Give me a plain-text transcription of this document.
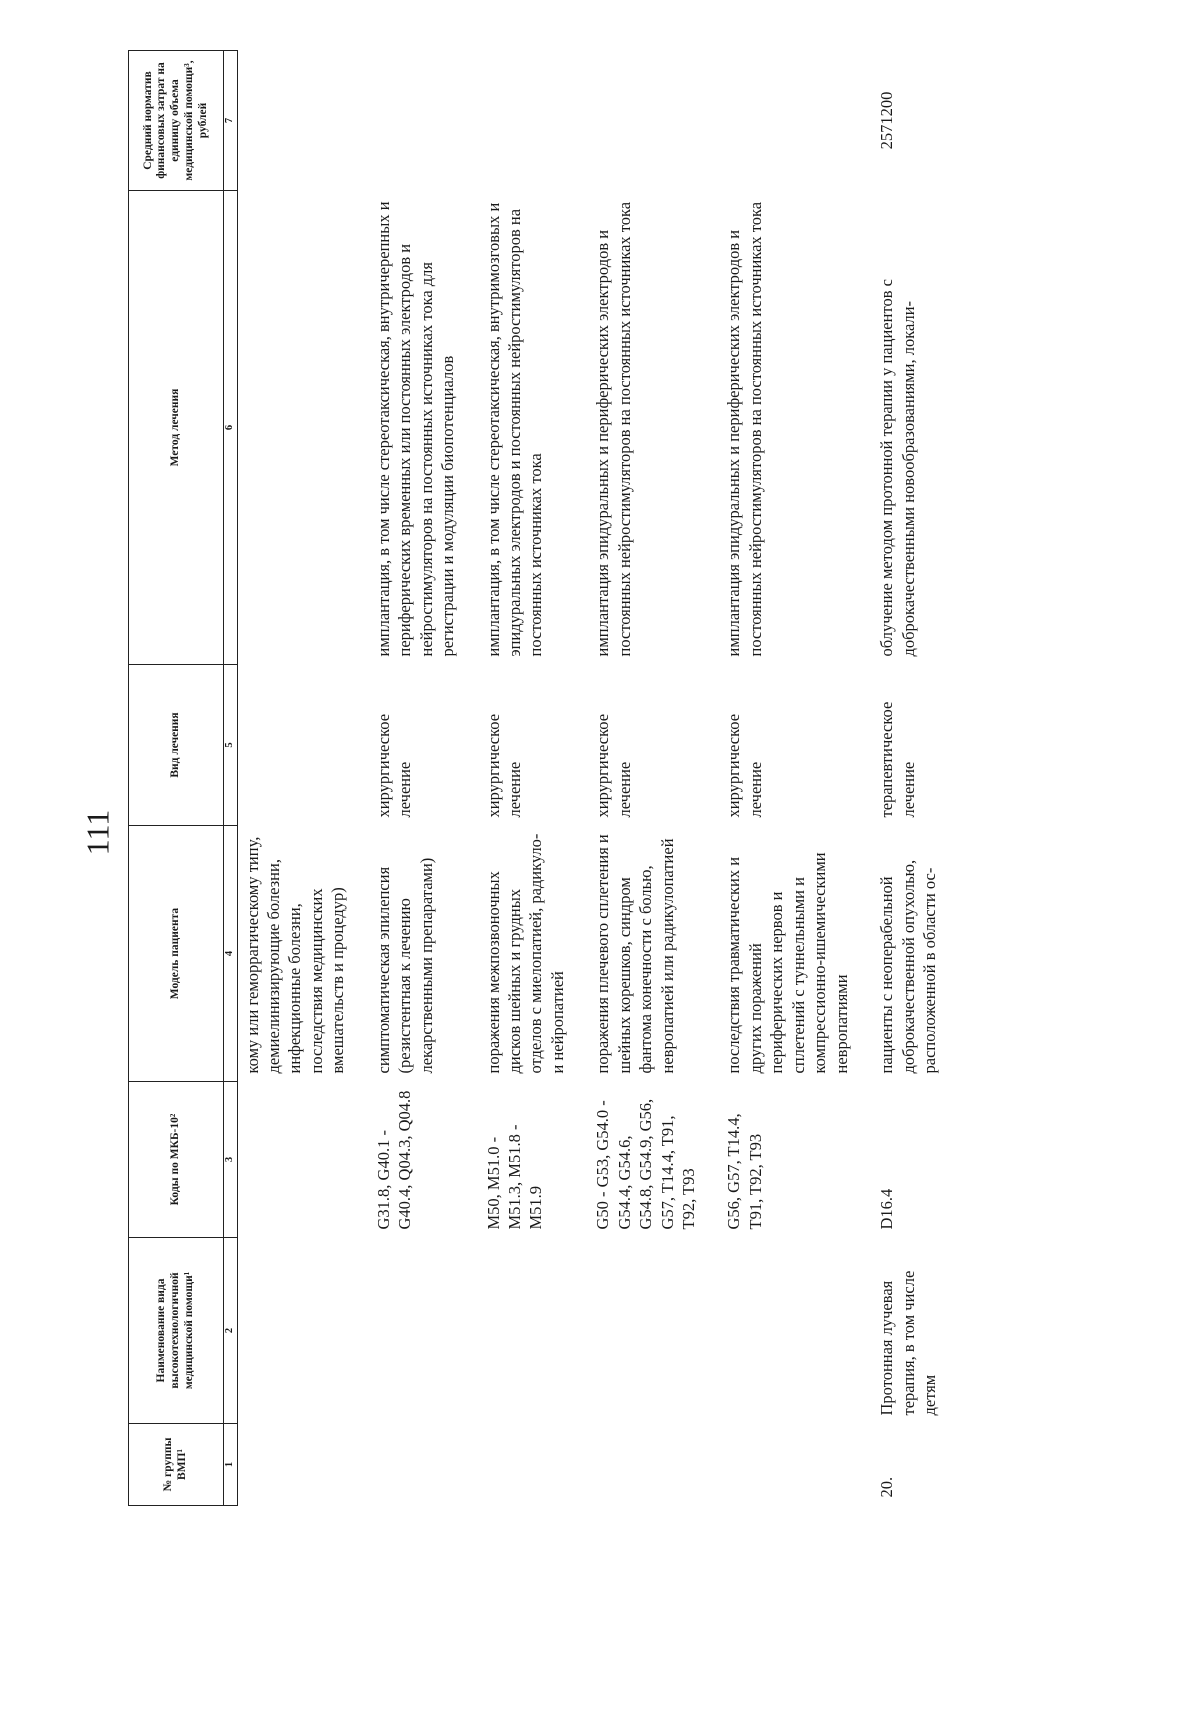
111
№ группы ВМП¹	Наименование вида высокотехнологичной медицинской помощи¹	Коды по МКБ-10²	Модель пациента	Вид лечения	Метод лечения	Средний норматив финансовых затрат на единицу объема медицинской помощи³, рублей
1	2	3	4	5	6	7
			кому или геморрагическому типу, демиелинизирующие болезни, инфекционные болезни, последствия медицинских вмешательств и процедур)			
		G31.8, G40.1 - G40.4, Q04.3, Q04.8	симптоматическая эпилепсия (резистентная к лечению лекарственными препаратами)	хирургическое лечение	имплантация, в том числе стереотаксическая, внутричерепных и периферических временных или постоянных электродов и нейростимуляторов на постоянных источниках тока для регистрации и модуляции биопотенциалов	
		M50, M51.0 - M51.3, M51.8 - M51.9	поражения межпозвоночных дисков шейных и грудных отделов с миелопатией, радикуло- и нейропатией	хирургическое лечение	имплантация, в том числе стереотаксическая, внутримозговых и эпидуральных электродов и постоянных нейростимуляторов на постоянных источниках тока	
		G50 - G53, G54.0 - G54.4, G54.6, G54.8, G54.9, G56, G57, T14.4, T91, T92, T93	поражения плечевого сплетения и шейных корешков, синдром фантома конечности с болью, невропатией или радикулопатией	хирургическое лечение	имплантация эпидуральных и периферических электродов и постоянных нейростимуляторов на постоянных источниках тока	
		G56, G57, T14.4, T91, T92, T93	последствия травматических и других поражений периферических нервов и сплетений с туннельными и компрессионно-ишемическими невропатиями	хирургическое лечение	имплантация эпидуральных и периферических электродов и постоянных нейростимуляторов на постоянных источниках тока	
20.	Протонная лучевая терапия, в том числе детям	D16.4	пациенты с неоперабельной доброкачественной опухолью, расположенной в области ос-	терапевтическое лечение	облучение методом протонной терапии у пациентов с доброкачественными новообразованиями, локали-	2571200
